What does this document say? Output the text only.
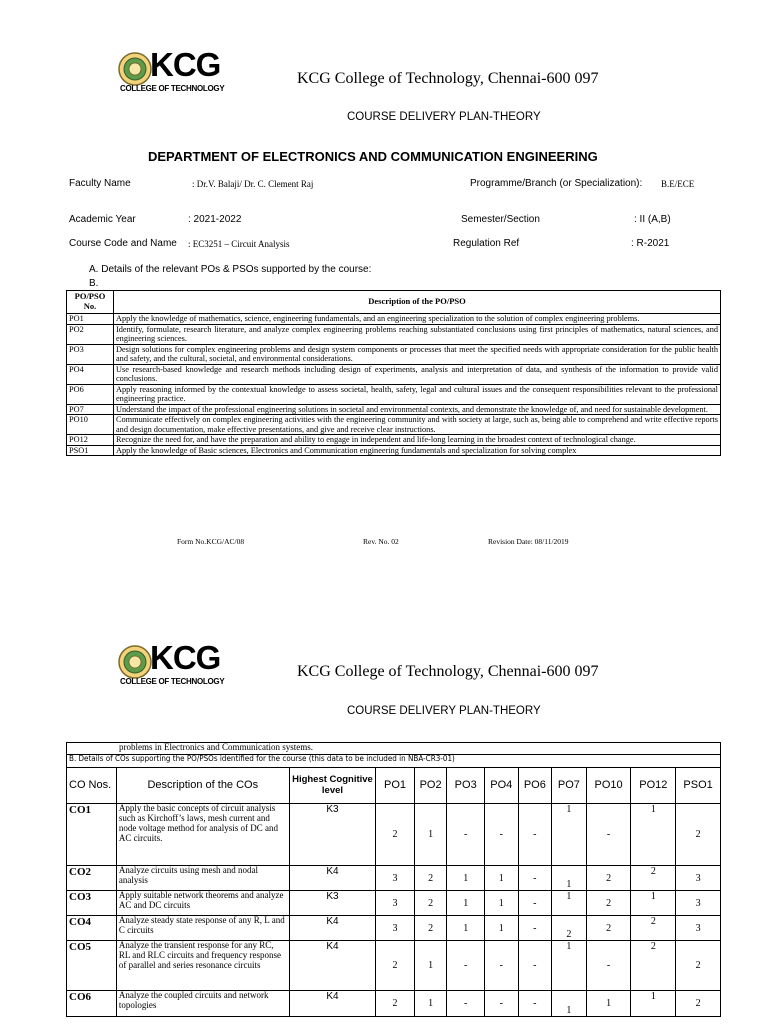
KCG
COLLEGE OF TECHNOLOGY
KCG College of Technology, Chennai-600 097
COURSE DELIVERY PLAN-THEORY
DEPARTMENT OF ELECTRONICS AND COMMUNICATION ENGINEERING
Faculty Name	: Dr.V. Balaji/ Dr. C. Clement Raj	Programme/Branch (or Specialization): B.E/ECE
Academic Year	: 2021-2022	Semester/Section	: II (A,B)
Course Code and Name : EC3251 – Circuit Analysis	Regulation Ref	: R-2021
A. Details of the relevant POs & PSOs supported by the course:
B.
PO/PSO No.	Description of the PO/PSO
PO1	Apply the knowledge of mathematics, science, engineering fundamentals, and an engineering specialization to the solution of complex engineering problems.
PO2	Identify, formulate, research literature, and analyze complex engineering problems reaching substantiated conclusions using first principles of mathematics, natural sciences, and engineering sciences.
PO3	Design solutions for complex engineering problems and design system components or processes that meet the specified needs with appropriate consideration for the public health and safety, and the cultural, societal, and environmental considerations.
PO4	Use research-based knowledge and research methods including design of experiments, analysis and interpretation of data, and synthesis of the information to provide valid conclusions.
PO6	Apply reasoning informed by the contextual knowledge to assess societal, health, safety, legal and cultural issues and the consequent responsibilities relevant to the professional engineering practice.
PO7	Understand the impact of the professional engineering solutions in societal and environmental contexts, and demonstrate the knowledge of, and need for sustainable development.
PO10	Communicate effectively on complex engineering activities with the engineering community and with society at large, such as, being able to comprehend and write effective reports and design documentation, make effective presentations, and give and receive clear instructions.
PO12	Recognize the need for, and have the preparation and ability to engage in independent and life-long learning in the broadest context of technological change.
PSO1	Apply the knowledge of Basic sciences, Electronics and Communication engineering fundamentals and specialization for solving complex
Form No.KCG/AC/08	Rev. No. 02	Revision Date: 08/11/2019
KCG
COLLEGE OF TECHNOLOGY
KCG College of Technology, Chennai-600 097
COURSE DELIVERY PLAN-THEORY
problems in Electronics and Communication systems.											
B. Details of COs supporting the PO/PSOs identified for the course (this data to be included in NBA-CR3-01)											
CO Nos.	Description of the COs	Highest Cognitive level	PO1	PO2	PO3	PO4	PO6	PO7	PO10	PO12	PSO1
CO1	Apply the basic concepts of circuit analysis such as Kirchoff’s laws, mesh current and node voltage method for analysis of DC and AC circuits.	K3	2	1	-	-	-	1	-	1	2
CO2	Analyze circuits using mesh and nodal analysis	K4	3	2	1	1	-	1	2	2	3
CO3	Apply suitable network theorems and analyze AC and DC circuits	K3	3	2	1	1	-	1	2	1	3
CO4	Analyze steady state response of any R, L and C circuits	K4	3	2	1	1	-	2	2	2	3
CO5	Analyze the transient response for any RC, RL and RLC circuits and frequency response of parallel and series resonance circuits	K4	2	1	-	-	-	1	-	2	2
CO6	Analyze the coupled circuits and network topologies	K4	2	1	-	-	-	1	1	1	2
